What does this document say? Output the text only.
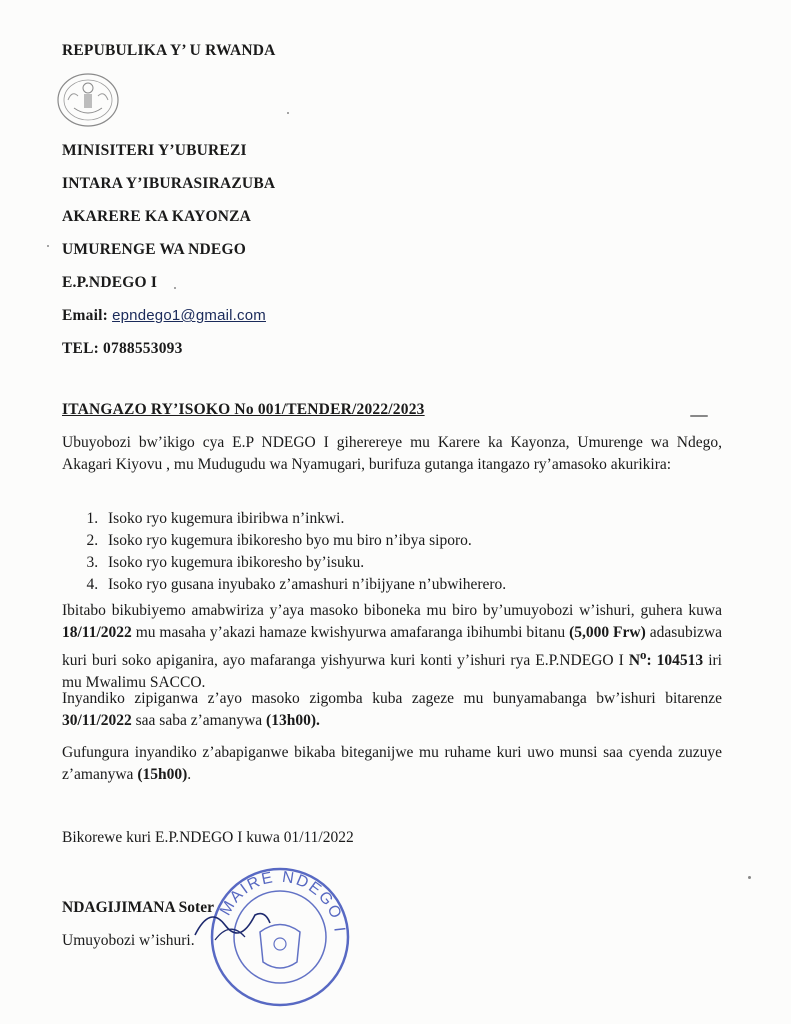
REPUBULIKA Y’ U RWANDA
MINISITERI Y’UBUREZI
INTARA Y’IBURASIRAZUBA
AKARERE KA KAYONZA
UMURENGE WA NDEGO
E.P.NDEGO I
Email: epndego1@gmail.com
TEL: 0788553093
ITANGAZO RY’ISOKO No 001/TENDER/2022/2023

Ubuyobozi bw’ikigo cya E.P NDEGO I giherereye mu Karere ka Kayonza, Umurenge wa Ndego, Akagari Kiyovu , mu Mudugudu wa Nyamugari, burifuza gutanga itangazo ry’amasoko akurikira:

1. Isoko ryo kugemura ibiribwa n’inkwi.
2. Isoko ryo kugemura ibikoresho byo mu biro n’ibya siporo.
3. Isoko ryo kugemura ibikoresho by’isuku.
4. Isoko ryo gusana inyubako z’amashuri n’ibijyane n’ubwiherero.

Ibitabo bikubiyemo amabwiriza y’aya masoko biboneka mu biro by’umuyobozi w’ishuri, guhera kuwa 18/11/2022 mu masaha y’akazi hamaze kwishyurwa amafaranga ibihumbi bitanu (5,000 Frw) adasubizwa kuri buri soko apiganira, ayo mafaranga yishyurwa kuri konti y’ishuri rya E.P.NDEGO I $N^o$: 104513 iri mu Mwalimu SACCO.

Inyandiko zipiganwa z’ayo masoko zigomba kuba zageze mu bunyamabanga bw’ishuri bitarenze 30/11/2022 saa saba z’amanywa (13h00).

Gufungura inyandiko z’abapiganwe bikaba biteganijwe mu ruhame kuri uwo munsi saa cyenda zuzuye z’amanywa (15h00).

Bikorewe kuri E.P.NDEGO I kuwa 01/11/2022
MAIRE NDEGO I
NDAGIJIMANA Soter
Umuyobozi w’ishuri.
